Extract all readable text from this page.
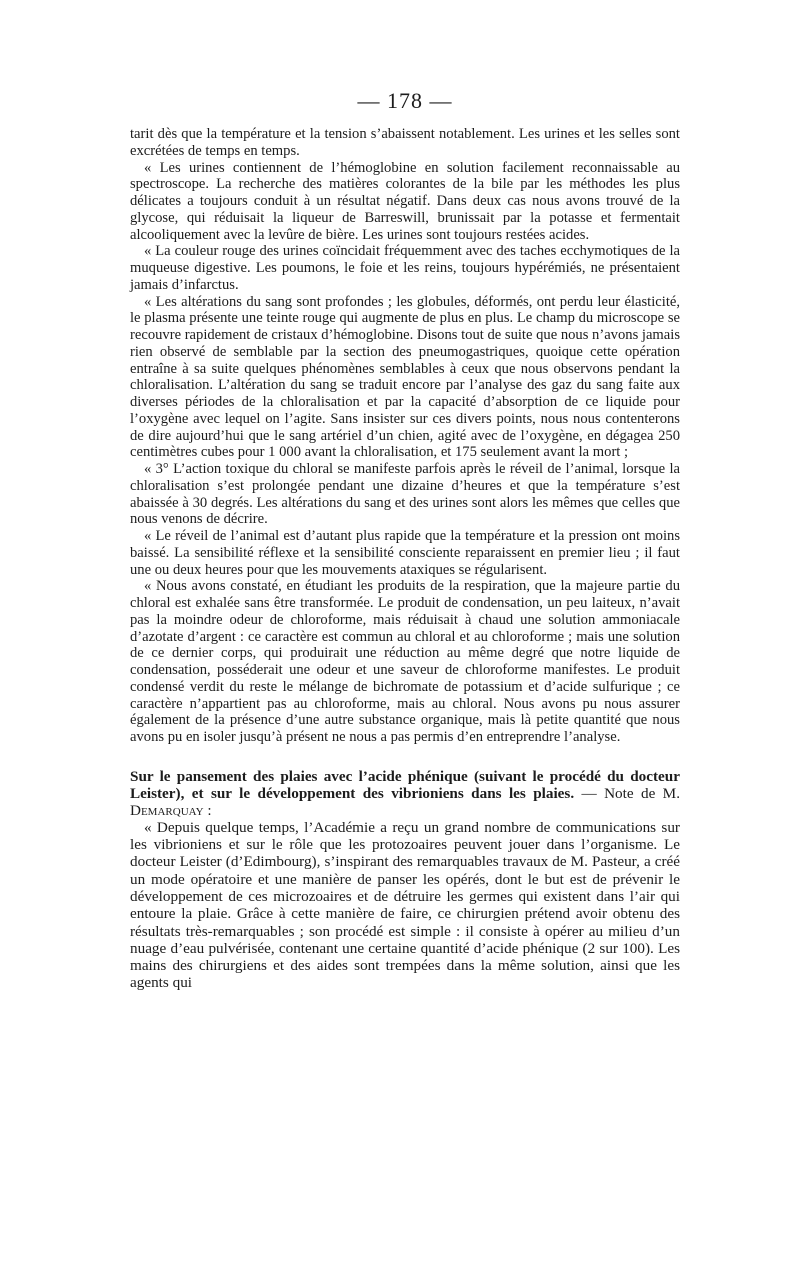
— 178 —

tarit dès que la température et la tension s’abaissent notablement. Les urines et les selles sont excrétées de temps en temps.

« Les urines contiennent de l’hémoglobine en solution facilement reconnaissable au spectroscope. La recherche des matières colorantes de la bile par les méthodes les plus délicates a toujours conduit à un résultat négatif. Dans deux cas nous avons trouvé de la glycose, qui réduisait la liqueur de Barreswill, brunissait par la potasse et fermentait alcooliquement avec la levûre de bière. Les urines sont toujours restées acides.

« La couleur rouge des urines coïncidait fréquemment avec des taches ecchymotiques de la muqueuse digestive. Les poumons, le foie et les reins, toujours hypérémiés, ne présentaient jamais d’infarctus.

« Les altérations du sang sont profondes ; les globules, déformés, ont perdu leur élasticité, le plasma présente une teinte rouge qui augmente de plus en plus. Le champ du microscope se recouvre rapidement de cristaux d’hémoglobine. Disons tout de suite que nous n’avons jamais rien observé de semblable par la section des pneumogastriques, quoique cette opération entraîne à sa suite quelques phénomènes semblables à ceux que nous observons pendant la chloralisation. L’altération du sang se traduit encore par l’analyse des gaz du sang faite aux diverses périodes de la chloralisation et par la capacité d’absorption de ce liquide pour l’oxygène avec lequel on l’agite. Sans insister sur ces divers points, nous nous contenterons de dire aujourd’hui que le sang artériel d’un chien, agité avec de l’oxygène, en dégagea 250 centimètres cubes pour 1 000 avant la chloralisation, et 175 seulement avant la mort ;

« 3° L’action toxique du chloral se manifeste parfois après le réveil de l’animal, lorsque la chloralisation s’est prolongée pendant une dizaine d’heures et que la température s’est abaissée à 30 degrés. Les altérations du sang et des urines sont alors les mêmes que celles que nous venons de décrire.

« Le réveil de l’animal est d’autant plus rapide que la température et la pression ont moins baissé. La sensibilité réflexe et la sensibilité consciente reparaissent en premier lieu ; il faut une ou deux heures pour que les mouvements ataxiques se régularisent.

« Nous avons constaté, en étudiant les produits de la respiration, que la majeure partie du chloral est exhalée sans être transformée. Le produit de condensation, un peu laiteux, n’avait pas la moindre odeur de chloroforme, mais réduisait à chaud une solution ammoniacale d’azotate d’argent : ce caractère est commun au chloral et au chloroforme ; mais une solution de ce dernier corps, qui produirait une réduction au même degré que notre liquide de condensation, posséderait une odeur et une saveur de chloroforme manifestes. Le produit condensé verdit du reste le mélange de bichromate de potassium et d’acide sulfurique ; ce caractère n’appartient pas au chloroforme, mais au chloral. Nous avons pu nous assurer également de la présence d’une autre substance organique, mais là petite quantité que nous avons pu en isoler jusqu’à présent ne nous a pas permis d’en entreprendre l’analyse.

Sur le pansement des plaies avec l’acide phénique (suivant le procédé du docteur Leister), et sur le développement des vibrioniens dans les plaies. — Note de M. Demarquay :

« Depuis quelque temps, l’Académie a reçu un grand nombre de communications sur les vibrioniens et sur le rôle que les protozoaires peuvent jouer dans l’organisme. Le docteur Leister (d’Edimbourg), s’inspirant des remarquables travaux de M. Pasteur, a créé un mode opératoire et une manière de panser les opérés, dont le but est de prévenir le développement de ces microzoaires et de détruire les germes qui existent dans l’air qui entoure la plaie. Grâce à cette manière de faire, ce chirurgien prétend avoir obtenu des résultats très-remarquables ; son procédé est simple : il consiste à opérer au milieu d’un nuage d’eau pulvérisée, contenant une certaine quantité d’acide phénique (2 sur 100). Les mains des chirurgiens et des aides sont trempées dans la même solution, ainsi que les agents qui
